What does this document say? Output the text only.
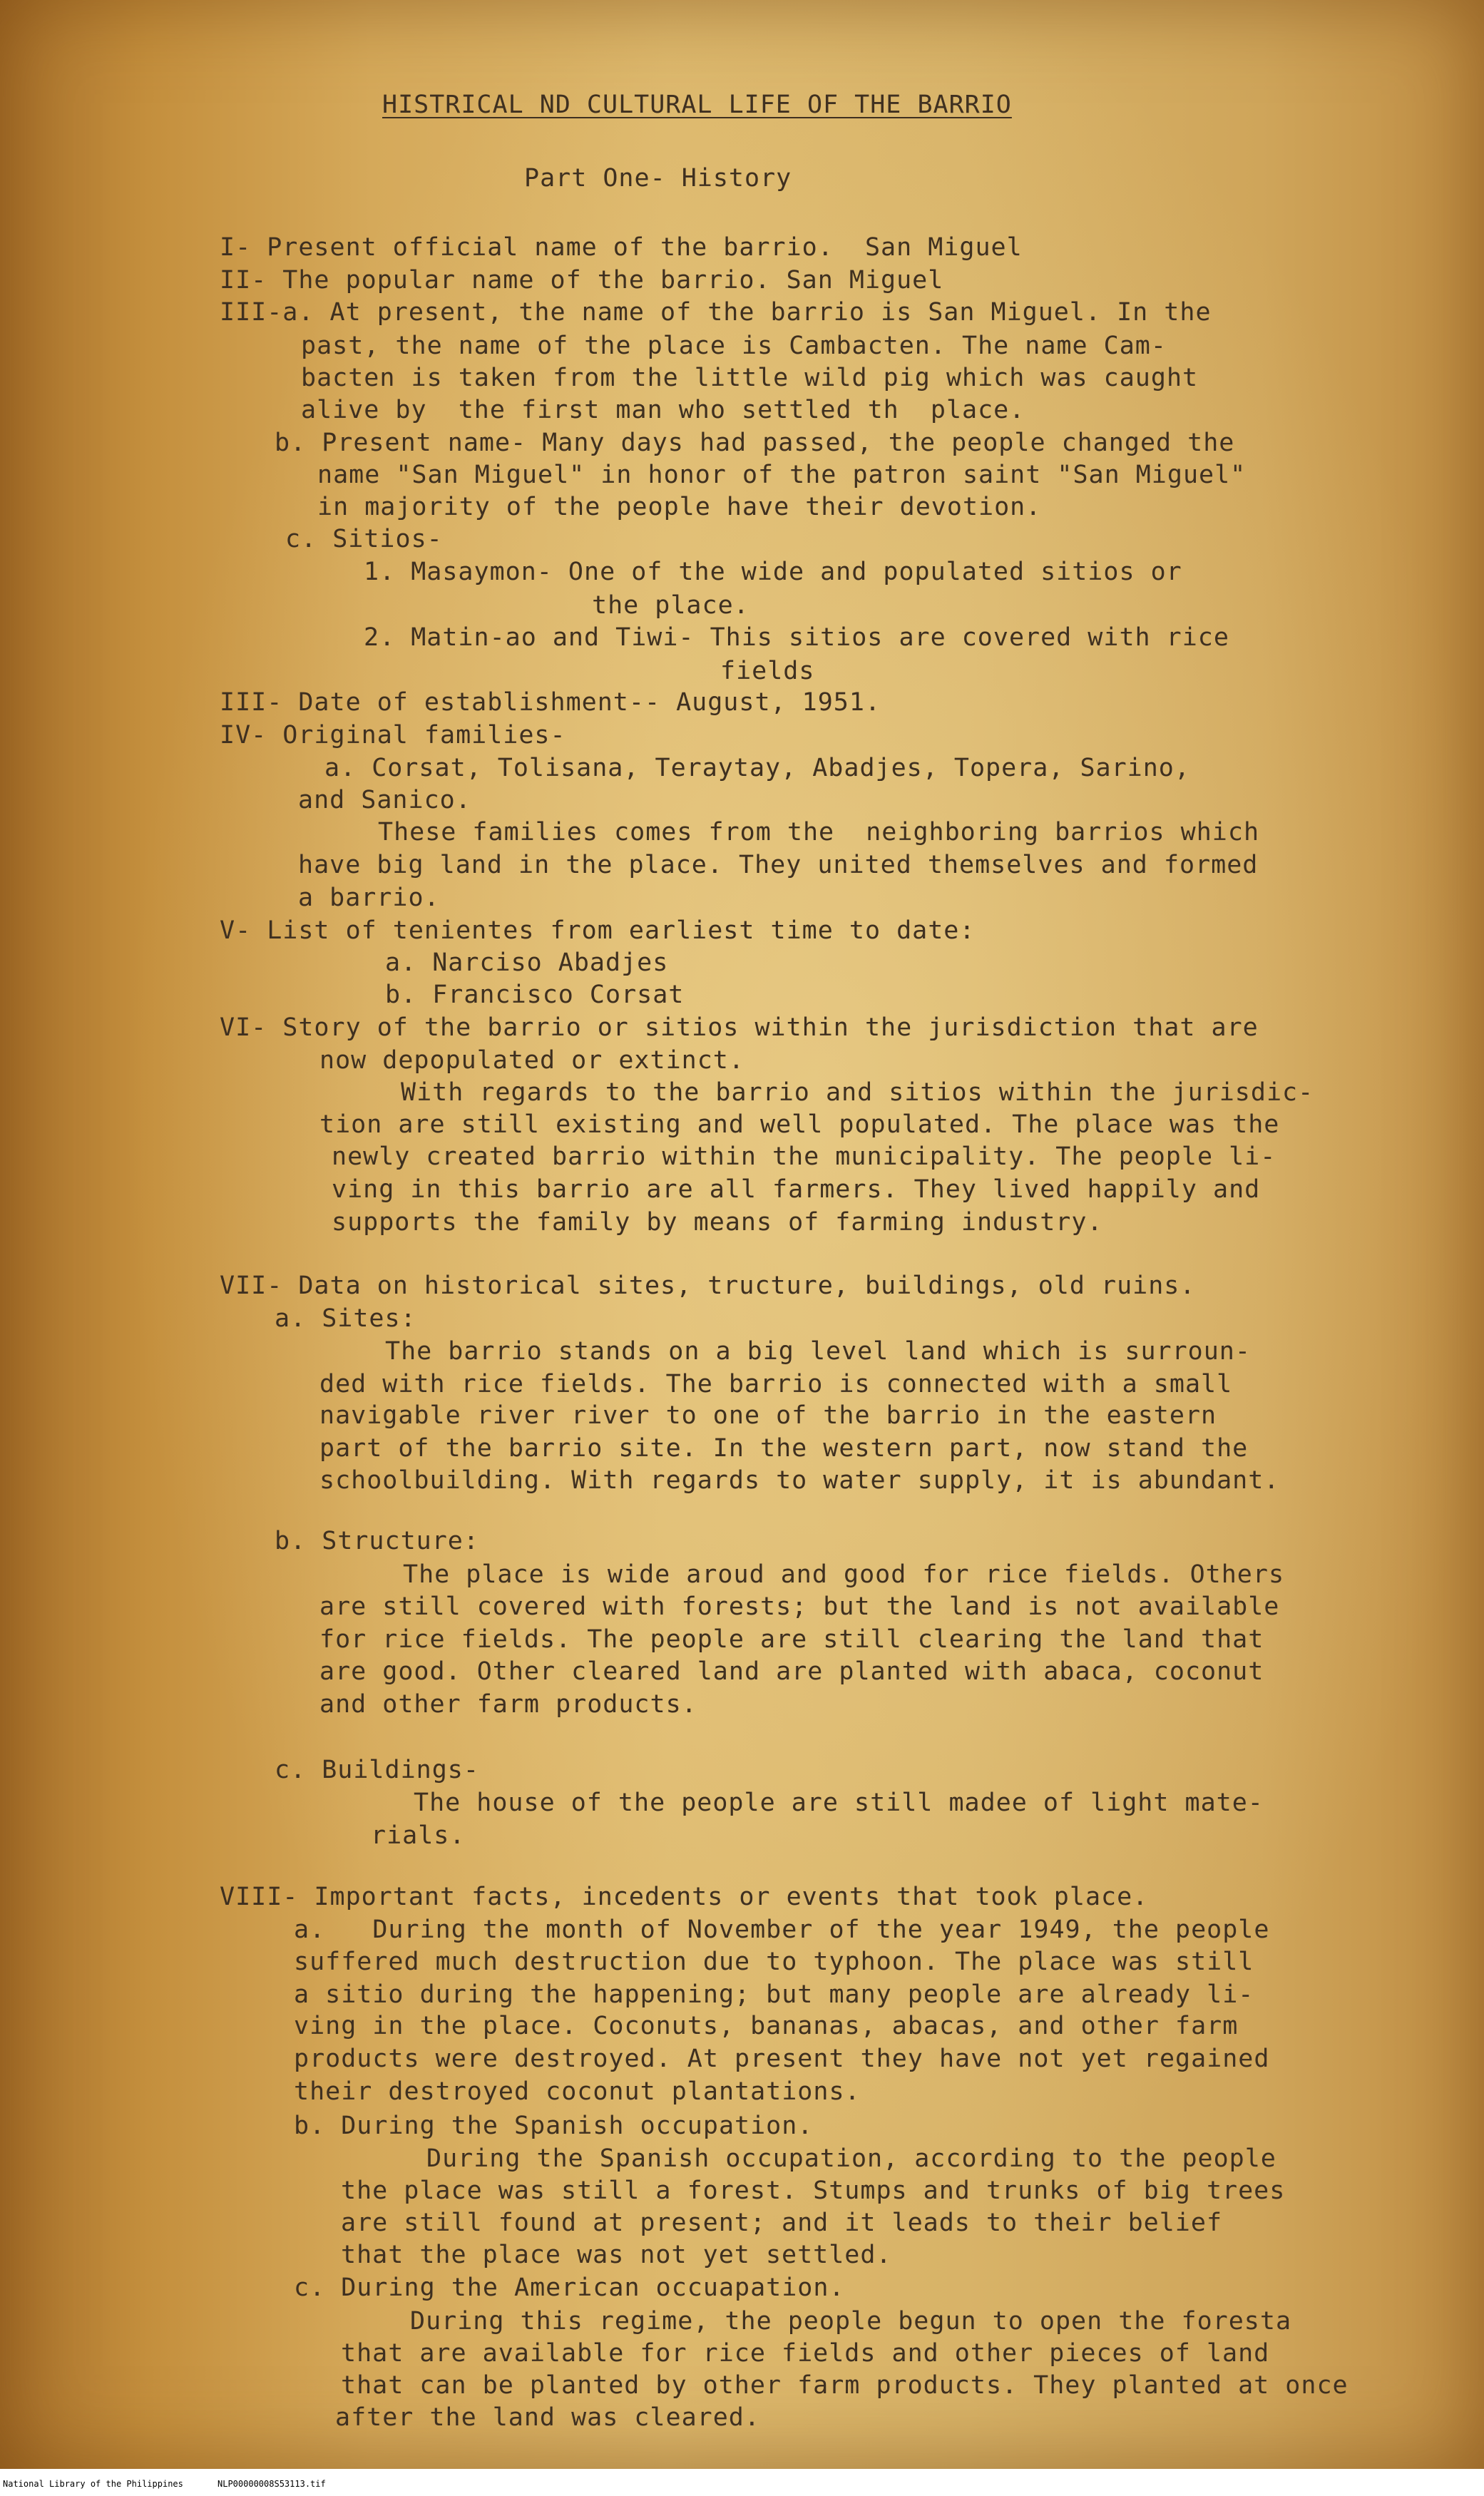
HISTRICAL ND CULTURAL LIFE OF THE BARRIO
Part One- History
I- Present official name of the barrio.  San Miguel
II- The popular name of the barrio. San Miguel
III-a. At present, the name of the barrio is San Miguel. In the
past, the name of the place is Cambacten. The name Cam-
bacten is taken from the little wild pig which was caught
alive by  the first man who settled th  place.
b. Present name- Many days had passed, the people changed the
name "San Miguel" in honor of the patron saint "San Miguel"
in majority of the people have their devotion.
c. Sitios-
1. Masaymon- One of the wide and populated sitios or
the place.
2. Matin-ao and Tiwi- This sitios are covered with rice
fields
III- Date of establishment-- August, 1951.
IV- Original families-
a. Corsat, Tolisana, Teraytay, Abadjes, Topera, Sarino,
and Sanico.
These families comes from the  neighboring barrios which
have big land in the place. They united themselves and formed
a barrio.
V- List of tenientes from earliest time to date:
a. Narciso Abadjes
b. Francisco Corsat
VI- Story of the barrio or sitios within the jurisdiction that are
now depopulated or extinct.
With regards to the barrio and sitios within the jurisdic-
tion are still existing and well populated. The place was the
newly created barrio within the municipality. The people li-
ving in this barrio are all farmers. They lived happily and
supports the family by means of farming industry.
VII- Data on historical sites, tructure, buildings, old ruins.
a. Sites:
The barrio stands on a big level land which is surroun-
ded with rice fields. The barrio is connected with a small
navigable river river to one of the barrio in the eastern
part of the barrio site. In the western part, now stand the
schoolbuilding. With regards to water supply, it is abundant.
b. Structure:
The place is wide aroud and good for rice fields. Others
are still covered with forests; but the land is not available
for rice fields. The people are still clearing the land that
are good. Other cleared land are planted with abaca, coconut
and other farm products.
c. Buildings-
The house of the people are still madee of light mate-
rials.
VIII- Important facts, incedents or events that took place.
a.   During the month of November of the year 1949, the people
suffered much destruction due to typhoon. The place was still
a sitio during the happening; but many people are already li-
ving in the place. Coconuts, bananas, abacas, and other farm
products were destroyed. At present they have not yet regained
their destroyed coconut plantations.
b. During the Spanish occupation.
During the Spanish occupation, according to the people
the place was still a forest. Stumps and trunks of big trees
are still found at present; and it leads to their belief
that the place was not yet settled.
c. During the American occuapation.
During this regime, the people begun to open the foresta
that are available for rice fields and other pieces of land
that can be planted by other farm products. They planted at once
after the land was cleared.
National Library of the Philippines	NLP00000008S53113.tif
